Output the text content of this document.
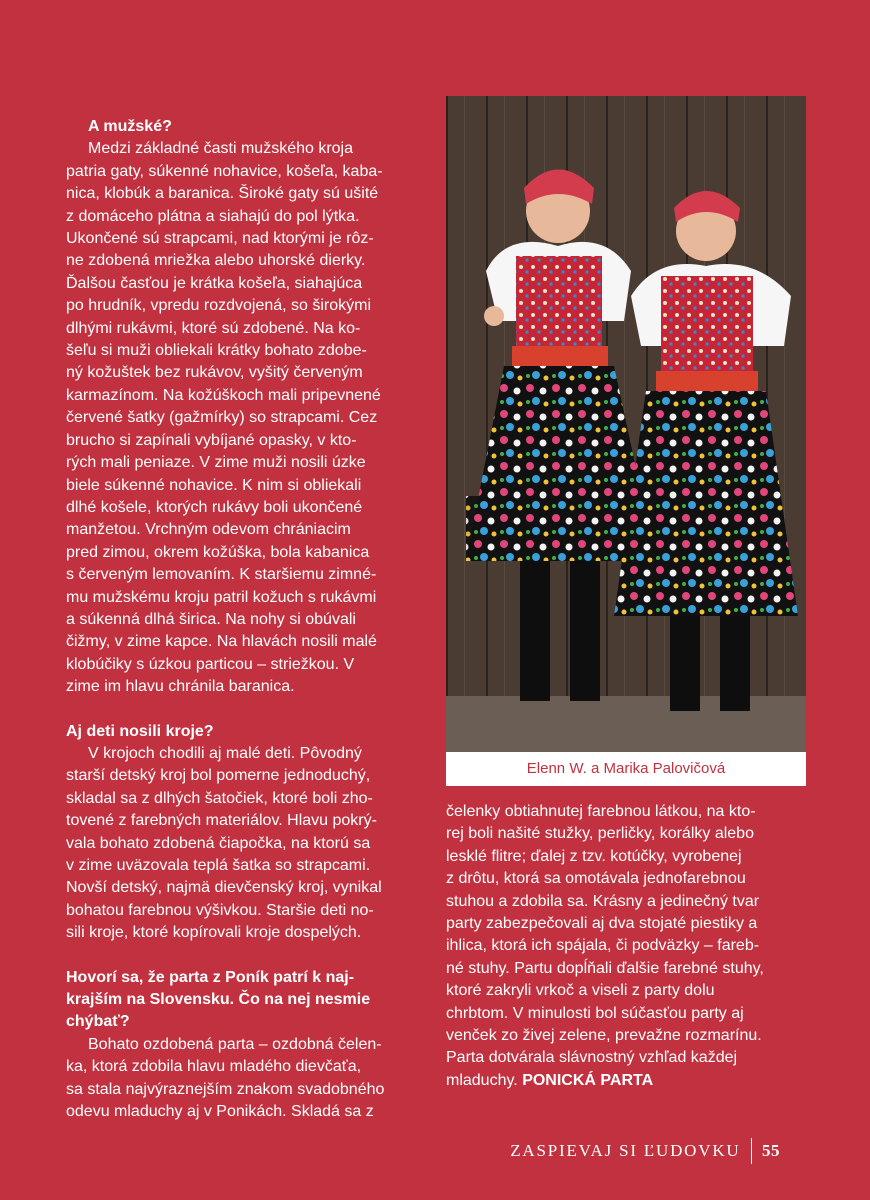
A mužské?
Medzi základné časti mužského kroja
patria gaty, súkenné nohavice, košeľa, kaba-
nica, klobúk a baranica. Široké gaty sú ušité
z domáceho plátna a siahajú do pol lýtka.
Ukončené sú strapcami, nad ktorými je rôz-
ne zdobená mriežka alebo uhorské dierky.
Ďalšou časťou je krátka košeľa, siahajúca
po hrudník, vpredu rozdvojená, so širokými
dlhými rukávmi, ktoré sú zdobené. Na ko-
šeľu si muži obliekali krátky bohato zdobe-
ný kožuštek bez rukávov, vyšitý červeným
karmazínom. Na kožúškoch mali pripevnené
červené šatky (gažmírky) so strapcami. Cez
brucho si zapínali vybíjané opasky, v kto-
rých mali peniaze. V zime muži nosili úzke
biele súkenné nohavice. K nim si obliekali
dlhé košele, ktorých rukávy boli ukončené
manžetou. Vrchným odevom chrániacim
pred zimou, okrem kožúška, bola kabanica
s červeným lemovaním. K staršiemu zimné-
mu mužskému kroju patril kožuch s rukávmi
a súkenná dlhá širica. Na nohy si obúvali
čižmy, v zime kapce. Na hlavách nosili malé
klobúčiky s úzkou particou – striežkou. V
zime im hlavu chránila baranica.
Aj deti nosili kroje?
V krojoch chodili aj malé deti. Pôvodný
starší detský kroj bol pomerne jednoduchý,
skladal sa z dlhých šatočiek, ktoré boli zho-
tovené z farebných materiálov. Hlavu pokrý-
vala bohato zdobená čiapočka, na ktorú sa
v zime uväzovala teplá šatka so strapcami.
Novší detský, najmä dievčenský kroj, vynikal
bohatou farebnou výšivkou. Staršie deti no-
sili kroje, ktoré kopírovali kroje dospelých.
Hovorí sa, že parta z Poník patrí k naj-
krajším na Slovensku. Čo na nej nesmie
chýbať?
Bohato ozdobená parta – ozdobná čelen-
ka, ktorá zdobila hlavu mladého dievčaťa,
sa stala najvýraznejším znakom svadobného
odevu mladuchy aj v Ponikách. Skladá sa z
Elenn W. a Marika Palovičová
čelenky obtiahnutej farebnou látkou, na kto-
rej boli našité stužky, perličky, korálky alebo
lesklé flitre; ďalej z tzv. kotúčky, vyrobenej
z drôtu, ktorá sa omotávala jednofarebnou
stuhou a zdobila sa. Krásny a jedinečný tvar
party zabezpečovali aj dva stojaté piestiky a
ihlica, ktorá ich spájala, či podväzky – fareb-
né stuhy. Partu dopĺňali ďalšie farebné stuhy,
ktoré zakryli vrkoč a viseli z party dolu
chrbtom. V minulosti bol súčasťou party aj
venček zo živej zelene, prevažne rozmarínu.
Parta dotvárala slávnostný vzhľad každej
mladuchy. PONICKÁ PARTA
ZASPIEVAJ SI ĽUDOVKU 55
